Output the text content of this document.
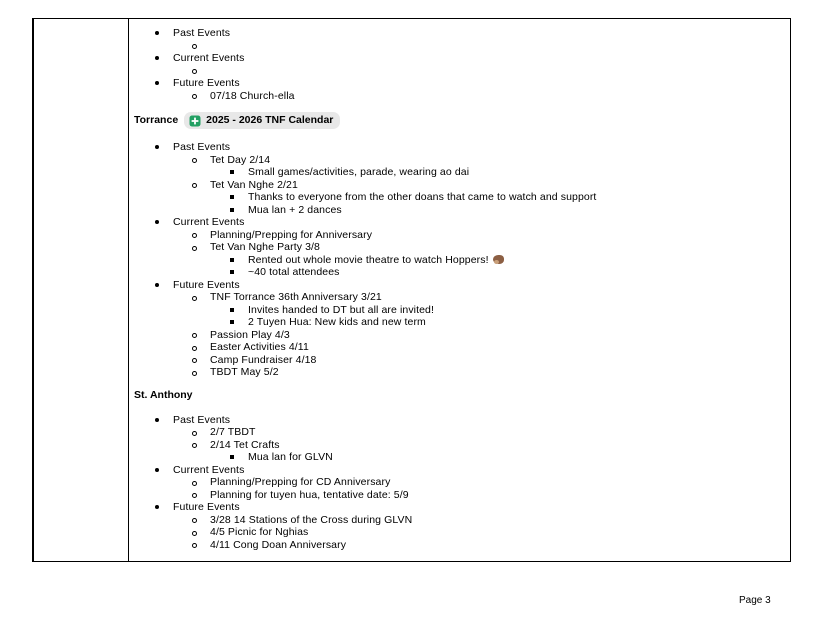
Past Events
Current Events
Future Events
07/18 Church-ella
Torrance	2025 - 2026 TNF Calendar
Past Events
Tet Day 2/14
Small games/activities, parade, wearing ao dai
Tet Van Nghe 2/21
Thanks to everyone from the other doans that came to watch and support
Mua lan + 2 dances
Current Events
Planning/Prepping for Anniversary
Tet Van Nghe Party 3/8
Rented out whole movie theatre to watch Hoppers!
~40 total attendees
Future Events
TNF Torrance 36th Anniversary 3/21
Invites handed to DT but all are invited!
2 Tuyen Hua: New kids and new term
Passion Play 4/3
Easter Activities 4/11
Camp Fundraiser 4/18
TBDT May 5/2
St. Anthony
Past Events
2/7 TBDT
2/14 Tet Crafts
Mua lan for GLVN
Current Events
Planning/Prepping for CD Anniversary
Planning for tuyen hua, tentative date: 5/9
Future Events
3/28 14 Stations of the Cross during GLVN
4/5 Picnic for Nghias
4/11 Cong Doan Anniversary
Page 3
